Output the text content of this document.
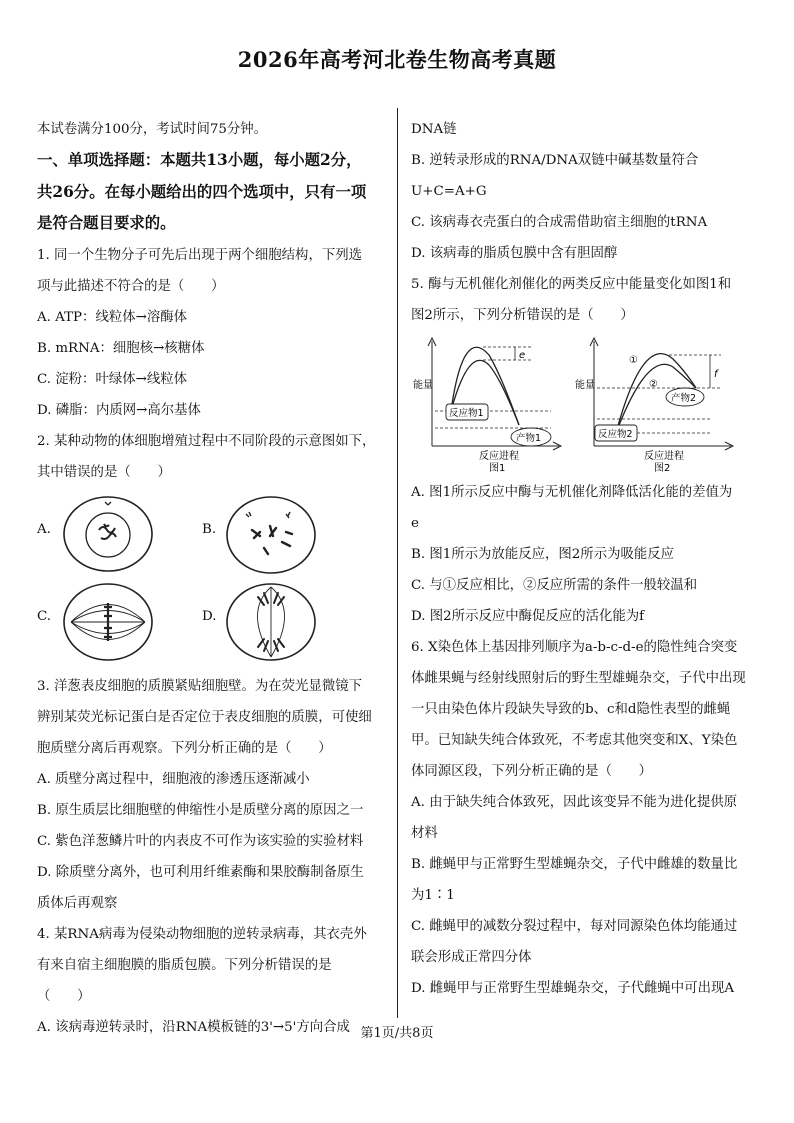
2026年高考河北卷生物高考真题
本试卷满分100分，考试时间75分钟。
一、单项选择题：本题共13小题，每小题2分，
共26分。在每小题给出的四个选项中，只有一项
是符合题目要求的。
1. 同一个生物分子可先后出现于两个细胞结构，下列选
项与此描述不符合的是（　　）
A. ATP：线粒体→溶酶体
B. mRNA：细胞核→核糖体
C. 淀粉：叶绿体→线粒体
D. 磷脂：内质网→高尔基体
2. 某种动物的体细胞增殖过程中不同阶段的示意图如下，
其中错误的是（　　）
A.	B.
C.	D.
3. 洋葱表皮细胞的质膜紧贴细胞壁。为在荧光显微镜下
辨别某荧光标记蛋白是否定位于表皮细胞的质膜，可使细
胞质壁分离后再观察。下列分析正确的是（　　）
A. 质壁分离过程中，细胞液的渗透压逐渐减小
B. 原生质层比细胞壁的伸缩性小是质壁分离的原因之一
C. 紫色洋葱鳞片叶的内表皮不可作为该实验的实验材料
D. 除质壁分离外，也可利用纤维素酶和果胶酶制备原生
质体后再观察
4. 某RNA病毒为侵染动物细胞的逆转录病毒，其衣壳外
有来自宿主细胞膜的脂质包膜。下列分析错误的是
（　　）
A. 该病毒逆转录时，沿RNA模板链的3'→5'方向合成
DNA链
B. 逆转录形成的RNA/DNA双链中碱基数量符合
U+C=A+G
C. 该病毒衣壳蛋白的合成需借助宿主细胞的tRNA
D. 该病毒的脂质包膜中含有胆固醇
5. 酶与无机催化剂催化的两类反应中能量变化如图1和
图2所示，下列分析错误的是（　　）
能量
e
反应物1
产物1
反应进程
图1
能量
f
①
②
产物2
反应物2
反应进程
图2
A. 图1所示反应中酶与无机催化剂降低活化能的差值为
e
B. 图1所示为放能反应，图2所示为吸能反应
C. 与①反应相比，②反应所需的条件一般较温和
D. 图2所示反应中酶促反应的活化能为f
6. X染色体上基因排列顺序为a-b-c-d-e的隐性纯合突变
体雌果蝇与经射线照射后的野生型雄蝇杂交，子代中出现
一只由染色体片段缺失导致的b、c和d隐性表型的雌蝇
甲。已知缺失纯合体致死，不考虑其他突变和X、Y染色
体同源区段，下列分析正确的是（　　）
A. 由于缺失纯合体致死，因此该变异不能为进化提供原
材料
B. 雌蝇甲与正常野生型雄蝇杂交，子代中雌雄的数量比
为1∶1
C. 雌蝇甲的减数分裂过程中，每对同源染色体均能通过
联会形成正常四分体
D. 雌蝇甲与正常野生型雄蝇杂交，子代雌蝇中可出现A
第1页/共8页
